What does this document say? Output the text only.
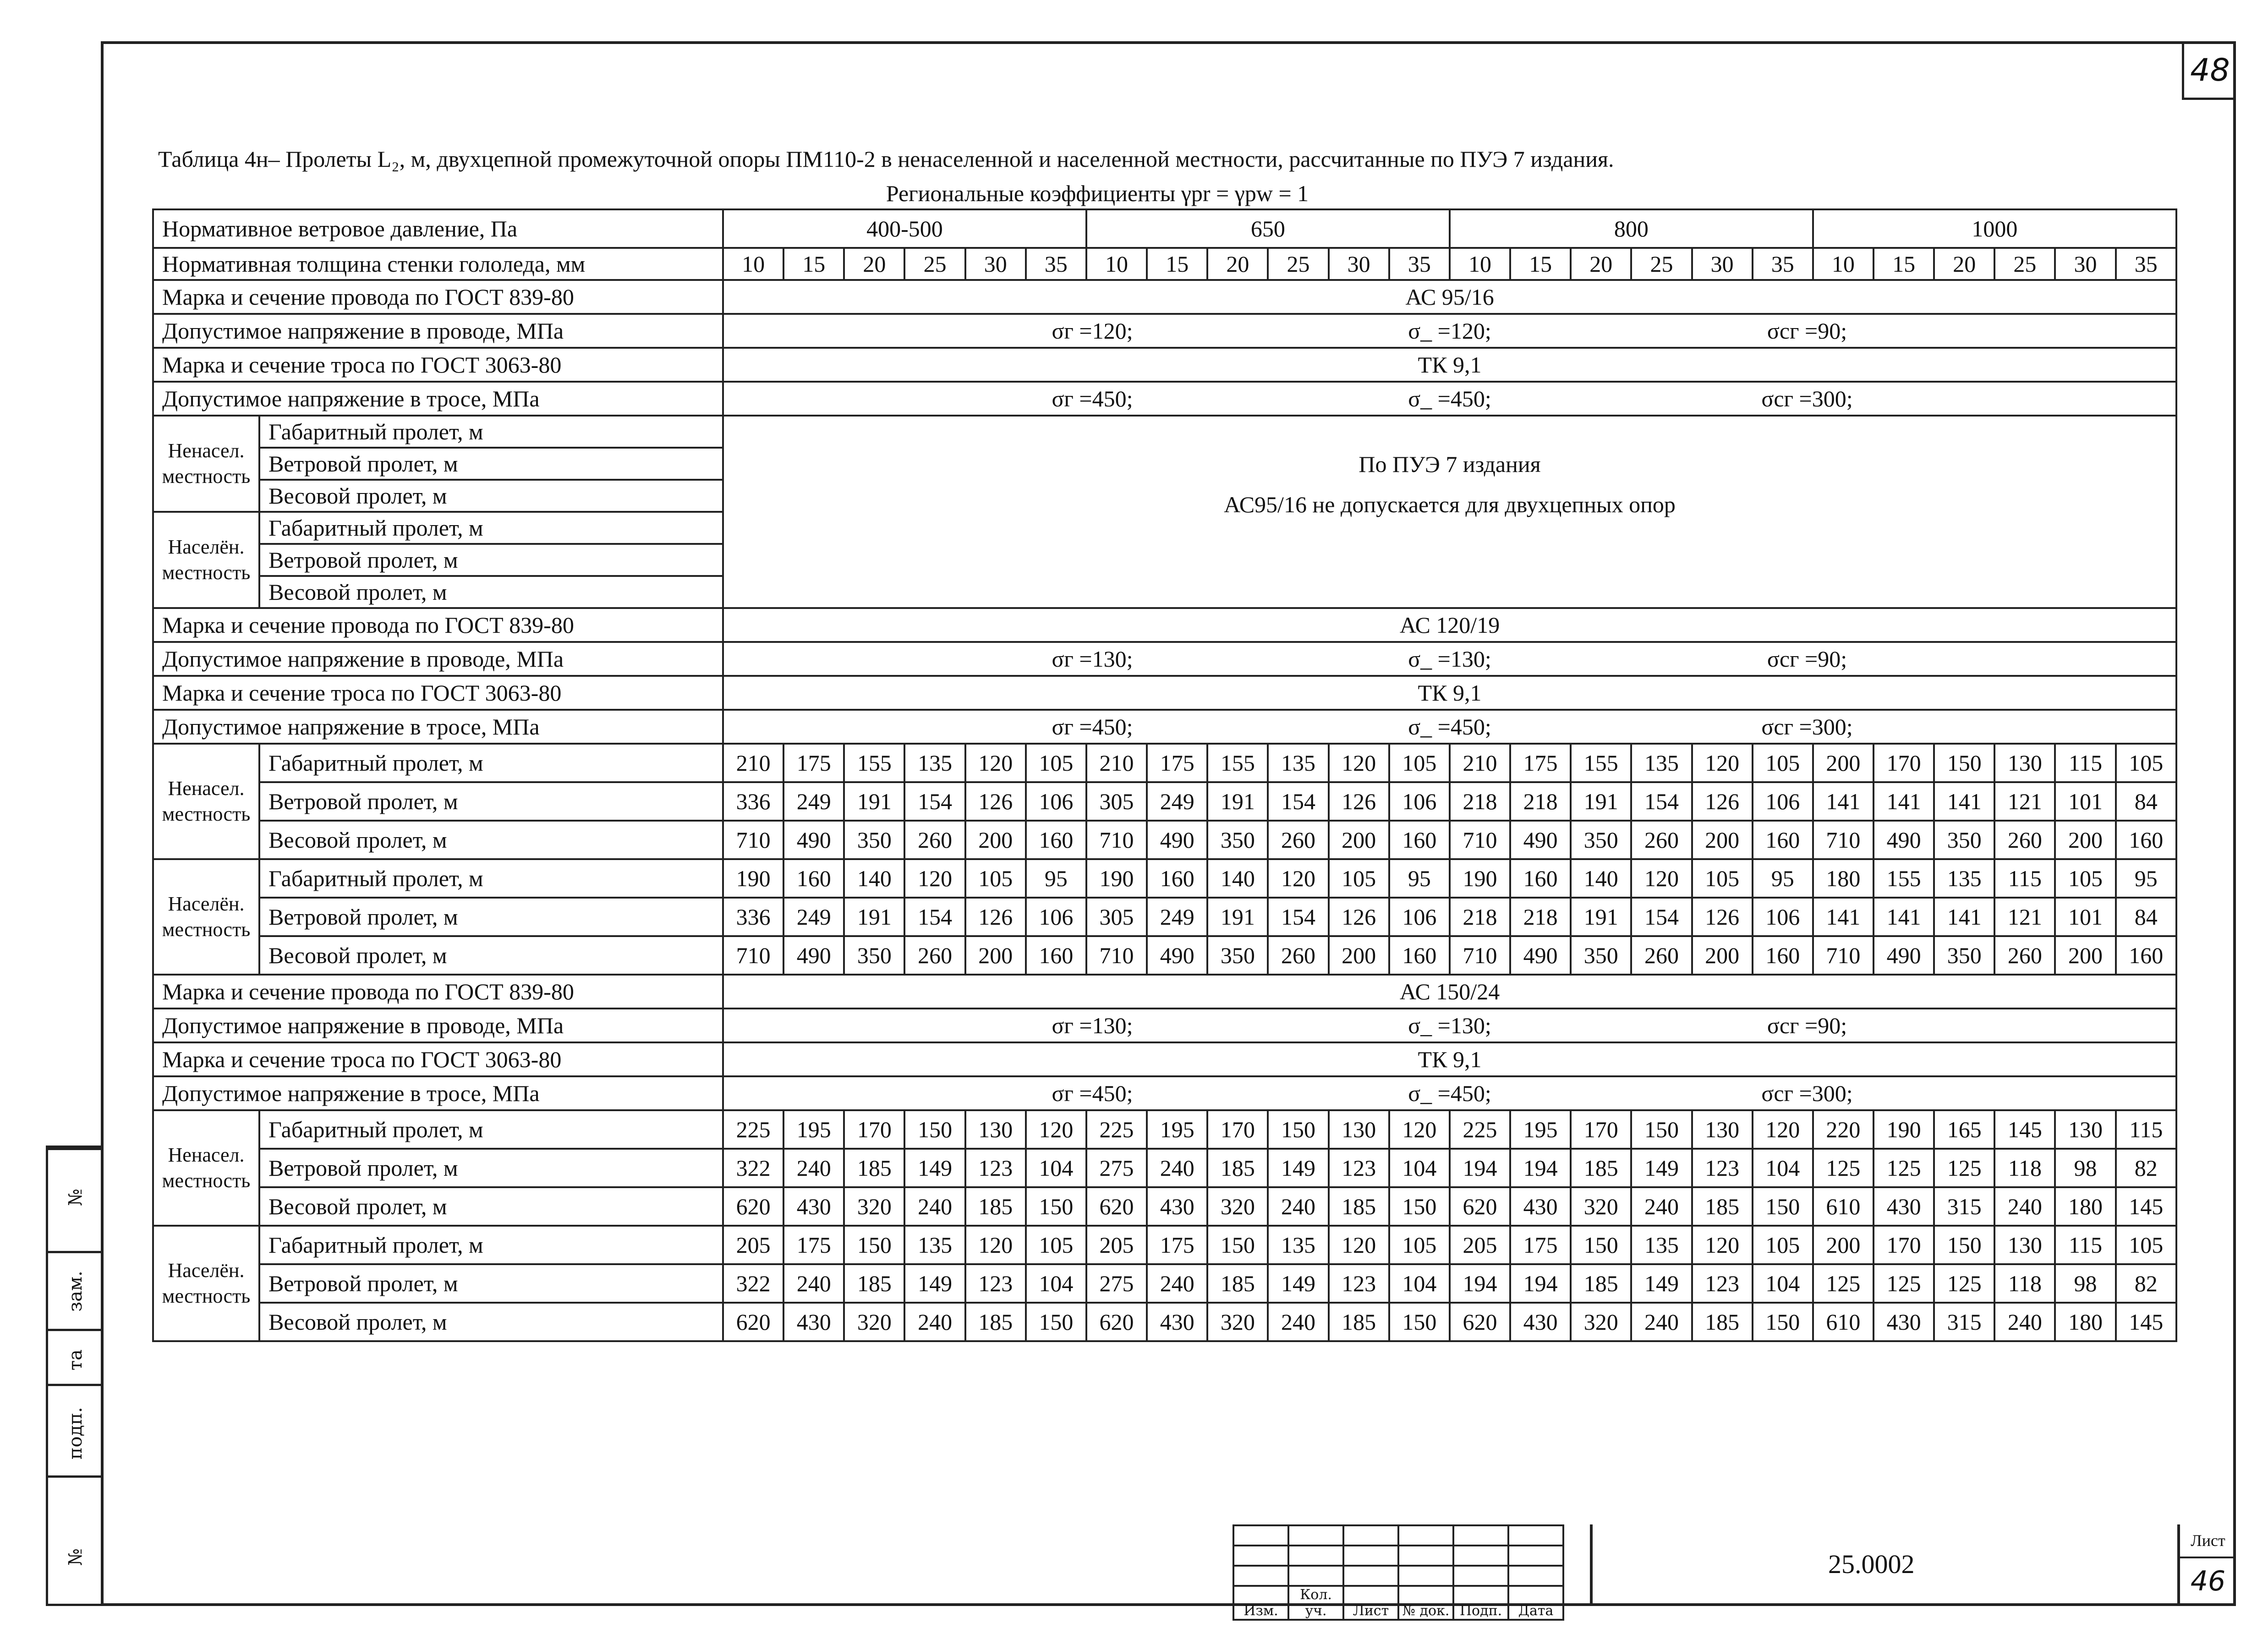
48
Таблица 4н– Пролеты L₂, м, двухцепной промежуточной опоры ПМ110-2 в ненаселенной и населенной местности, рассчитанные по ПУЭ 7 издания.
Региональные коэффициенты γpr = γpw = 1
Нормативное ветровое давление, Па		400-500						650						800						1000					
Нормативная толщина стенки гололеда, мм		10	15	20	25	30	35	10	15	20	25	30	35	10	15	20	25	30	35	10	15	20	25	30	35
Марка и сечение провода по ГОСТ 839-80		АС 95/16																							
Допустимое напряжение в проводе, МПа		σг =120; σ_ =120; σсг =90;																							

Марка и сечение троса по ГОСТ 3063-80		ТК 9,1																							
Допустимое напряжение в тросе, МПа		σг =450; σ_ =450; σсг =300;																							

Ненасел. местность	Габаритный пролет, м	По ПУЭ 7 издания
АС95/16 не допускается для двухцепных опор																							

	Ветровой пролет, м																								
	Весовой пролет, м																								
Населён. местность	Габаритный пролет, м																								
	Ветровой пролет, м																								
	Весовой пролет, м																								
Марка и сечение провода по ГОСТ 839-80		АС 120/19																							
Допустимое напряжение в проводе, МПа		σг =130; σ_ =130; σсг =90;																							

Марка и сечение троса по ГОСТ 3063-80		ТК 9,1																							
Допустимое напряжение в тросе, МПа		σг =450; σ_ =450; σсг =300;																							

Ненасел. местность	Габаритный пролет, м	210	175	155	135	120	105	210	175	155	135	120	105	210	175	155	135	120	105	200	170	150	130	115	105
	Ветровой пролет, м	336	249	191	154	126	106	305	249	191	154	126	106	218	218	191	154	126	106	141	141	141	121	101	84
	Весовой пролет, м	710	490	350	260	200	160	710	490	350	260	200	160	710	490	350	260	200	160	710	490	350	260	200	160
Населён. местность	Габаритный пролет, м	190	160	140	120	105	95	190	160	140	120	105	95	190	160	140	120	105	95	180	155	135	115	105	95
	Ветровой пролет, м	336	249	191	154	126	106	305	249	191	154	126	106	218	218	191	154	126	106	141	141	141	121	101	84
	Весовой пролет, м	710	490	350	260	200	160	710	490	350	260	200	160	710	490	350	260	200	160	710	490	350	260	200	160
Марка и сечение провода по ГОСТ 839-80		АС 150/24																							
Допустимое напряжение в проводе, МПа		σг =130; σ_ =130; σсг =90;																							

Марка и сечение троса по ГОСТ 3063-80		ТК 9,1																							
Допустимое напряжение в тросе, МПа		σг =450; σ_ =450; σсг =300;																							

Ненасел. местность	Габаритный пролет, м	225	195	170	150	130	120	225	195	170	150	130	120	225	195	170	150	130	120	220	190	165	145	130	115
	Ветровой пролет, м	322	240	185	149	123	104	275	240	185	149	123	104	194	194	185	149	123	104	125	125	125	118	98	82
	Весовой пролет, м	620	430	320	240	185	150	620	430	320	240	185	150	620	430	320	240	185	150	610	430	315	240	180	145
Населён. местность	Габаритный пролет, м	205	175	150	135	120	105	205	175	150	135	120	105	205	175	150	135	120	105	200	170	150	130	115	105
	Ветровой пролет, м	322	240	185	149	123	104	275	240	185	149	123	104	194	194	185	149	123	104	125	125	125	118	98	82
	Весовой пролет, м	620	430	320	240	185	150	620	430	320	240	185	150	620	430	320	240	185	150	610	430	315	240	180	145
№
зам.
та
подп.
№

Изм.	Кол. уч.	Лист	№ док.	Подп.	Дата
25.0002
Лист
46
